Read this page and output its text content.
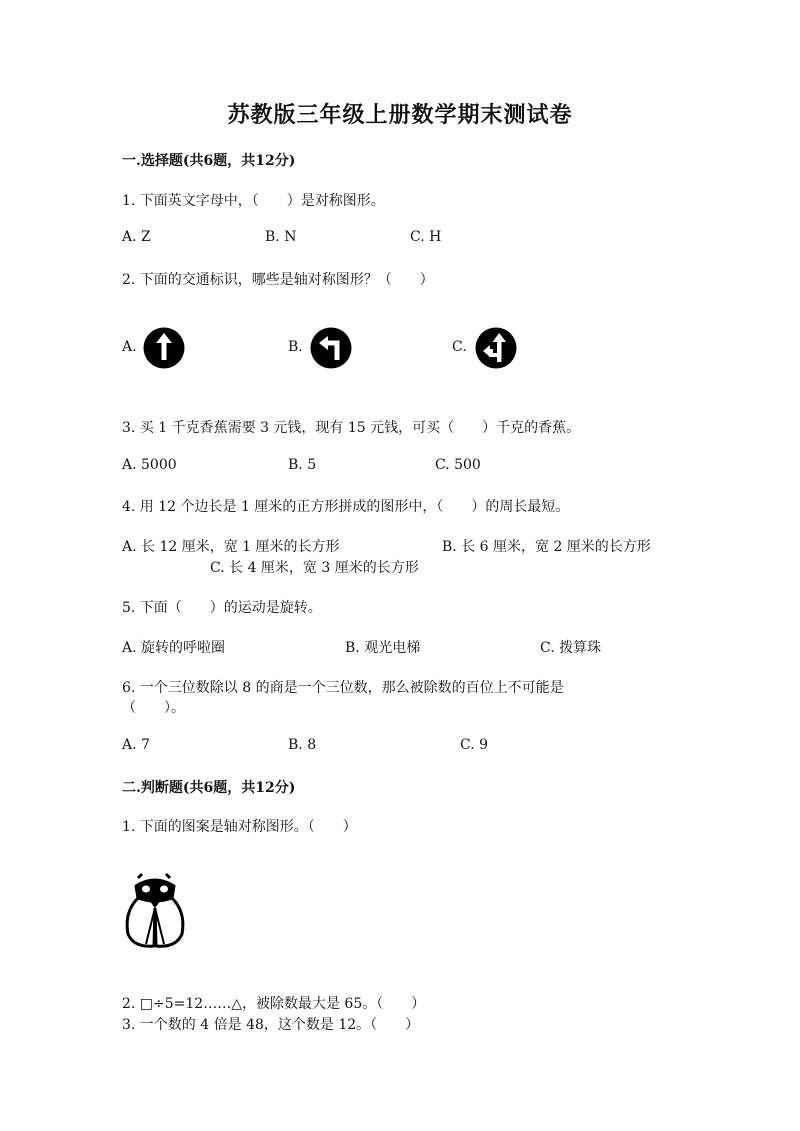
苏教版三年级上册数学期末测试卷
一.选择题(共6题，共12分)
1. 下面英文字母中，（　　）是对称图形。
A. Z	B. N	C. H
2. 下面的交通标识，哪些是轴对称图形？（　　）
A.	B.	C.
3. 买 1 千克香蕉需要 3 元钱，现有 15 元钱，可买（　　）千克的香蕉。
A. 5000	B. 5	C. 500
4. 用 12 个边长是 1 厘米的正方形拼成的图形中，（　　）的周长最短。
A. 长 12 厘米，宽 1 厘米的长方形	B. 长 6 厘米，宽 2 厘米的长方形
C. 长 4 厘米，宽 3 厘米的长方形
5. 下面（　　）的运动是旋转。
A. 旋转的呼啦圈	B. 观光电梯	C. 拨算珠
6. 一个三位数除以 8 的商是一个三位数，那么被除数的百位上不可能是
（　　）。
A. 7	B. 8	C. 9
二.判断题(共6题，共12分)
1. 下面的图案是轴对称图形。（　　）
2. □÷5=12……△，被除数最大是 65。（　　）
3. 一个数的 4 倍是 48，这个数是 12。（　　）
